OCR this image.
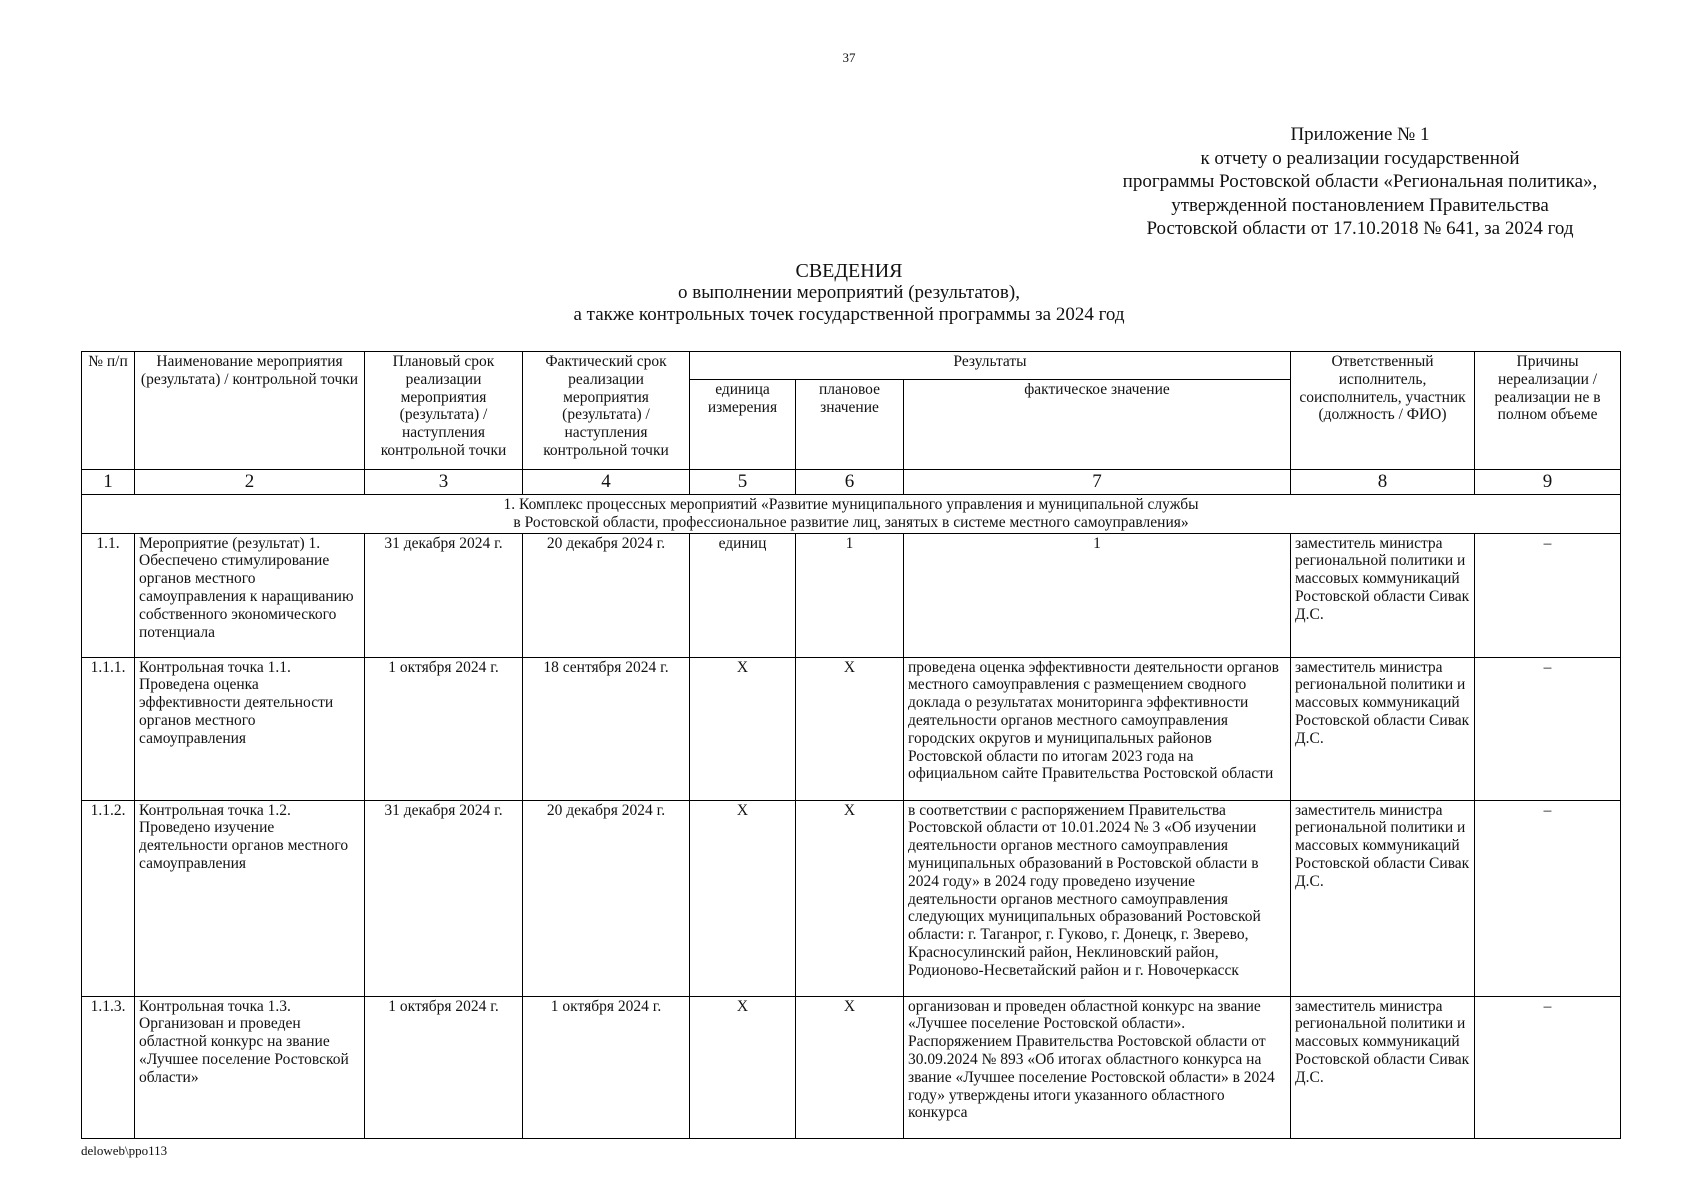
37
Приложение № 1
к отчету о реализации государственной
программы Ростовской области «Региональная политика»,
утвержденной постановлением Правительства
Ростовской области от 17.10.2018 № 641, за 2024 год
СВЕДЕНИЯ
о выполнении мероприятий (результатов),
а также контрольных точек государственной программы за 2024 год
№ п/п	Наименование мероприятия (результата) / контрольной точки	Плановый срок реализации мероприятия (результата) / наступления контрольной точки	Фактический срок реализации мероприятия (результата) / наступления контрольной точки	Результаты			Ответственный исполнитель, соисполнитель, участник (должность / ФИО)	Причины нереализации / реализации не в полном объеме
				единица измерения	плановое значение	фактическое значение		
1	2	3	4	5	6	7	8	9

1. Комплекс процессных мероприятий «Развитие муниципального управления и муниципальной службы
в Ростовской области, профессиональное развитие лиц, занятых в системе местного самоуправления»								

1.1.	Мероприятие (результат) 1. Обеспечено стимулирование органов местного самоуправления к наращиванию собственного экономического потенциала	31 декабря 2024 г.	20 декабря 2024 г.	единиц	1	1	заместитель министра региональной политики и массовых коммуникаций Ростовской области Сивак Д.С.	–
1.1.1.	Контрольная точка 1.1. Проведена оценка эффективности деятельности органов местного самоуправления	1 октября 2024 г.	18 сентября 2024 г.	Х	Х	проведена оценка эффективности деятельности органов местного самоуправления с размещением сводного доклада о результатах мониторинга эффективности деятельности органов местного самоуправления городских округов и муниципальных районов Ростовской области по итогам 2023 года на официальном сайте Правительства Ростовской области	заместитель министра региональной политики и массовых коммуникаций Ростовской области Сивак Д.С.	–
1.1.2.	Контрольная точка 1.2. Проведено изучение деятельности органов местного самоуправления	31 декабря 2024 г.	20 декабря 2024 г.	Х	Х	в соответствии с распоряжением Правительства Ростовской области от 10.01.2024 № 3 «Об изучении деятельности органов местного самоуправления муниципальных образований в Ростовской области в 2024 году» в 2024 году проведено изучение деятельности органов местного самоуправления следующих муниципальных образований Ростовской области: г. Таганрог, г. Гуково, г. Донецк, г. Зверево, Красносулинский район, Неклиновский район, Родионово-Несветайский район и г. Новочеркасск	заместитель министра региональной политики и массовых коммуникаций Ростовской области Сивак Д.С.	–
1.1.3.	Контрольная точка 1.3. Организован и проведен областной конкурс на звание «Лучшее поселение Ростовской области»	1 октября 2024 г.	1 октября 2024 г.	Х	Х	организован и проведен областной конкурс на звание «Лучшее поселение Ростовской области». Распоряжением Правительства Ростовской области от 30.09.2024 № 893 «Об итогах областного конкурса на звание «Лучшее поселение Ростовской области» в 2024 году» утверждены итоги указанного областного конкурса	заместитель министра региональной политики и массовых коммуникаций Ростовской области Сивак Д.С.	–
deloweb\ppo113
